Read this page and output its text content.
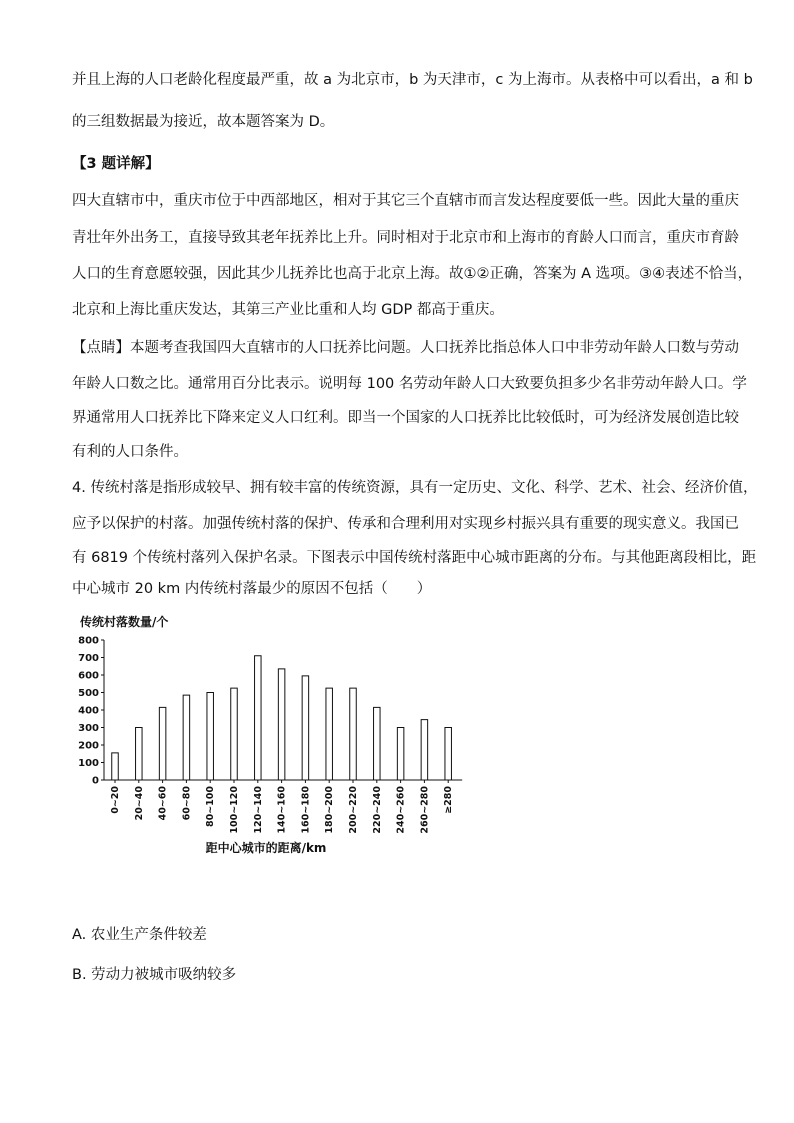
并且上海的人口老龄化程度最严重，故 a 为北京市，b 为天津市，c 为上海市。从表格中可以看出，a 和 b
的三组数据最为接近，故本题答案为 D。
【3 题详解】
四大直辖市中，重庆市位于中西部地区，相对于其它三个直辖市而言发达程度要低一些。因此大量的重庆
青壮年外出务工，直接导致其老年抚养比上升。同时相对于北京市和上海市的育龄人口而言，重庆市育龄
人口的生育意愿较强，因此其少儿抚养比也高于北京上海。故①②正确，答案为 A 选项。③④表述不恰当，
北京和上海比重庆发达，其第三产业比重和人均 GDP 都高于重庆。
【点睛】本题考查我国四大直辖市的人口抚养比问题。人口抚养比指总体人口中非劳动年龄人口数与劳动
年龄人口数之比。通常用百分比表示。说明每 100 名劳动年龄人口大致要负担多少名非劳动年龄人口。学
界通常用人口抚养比下降来定义人口红利。即当一个国家的人口抚养比比较低时，可为经济发展创造比较
有利的人口条件。
4. 传统村落是指形成较早、拥有较丰富的传统资源，具有一定历史、文化、科学、艺术、社会、经济价值，
应予以保护的村落。加强传统村落的保护、传承和合理利用对实现乡村振兴具有重要的现实意义。我国已
有 6819 个传统村落列入保护名录。下图表示中国传统村落距中心城市距离的分布。与其他距离段相比，距
中心城市 20 km 内传统村落最少的原因不包括（　　）
传统村落数量/个
0
100
200
300
400
500
600
700
800
0~20 20~40 40~60 60~80 80~100 100~120 120~140 140~160 160~180 180~200 200~220 220~240 240~260 260~280 ≥280
距中心城市的距离/km
A. 农业生产条件较差
B. 劳动力被城市吸纳较多
